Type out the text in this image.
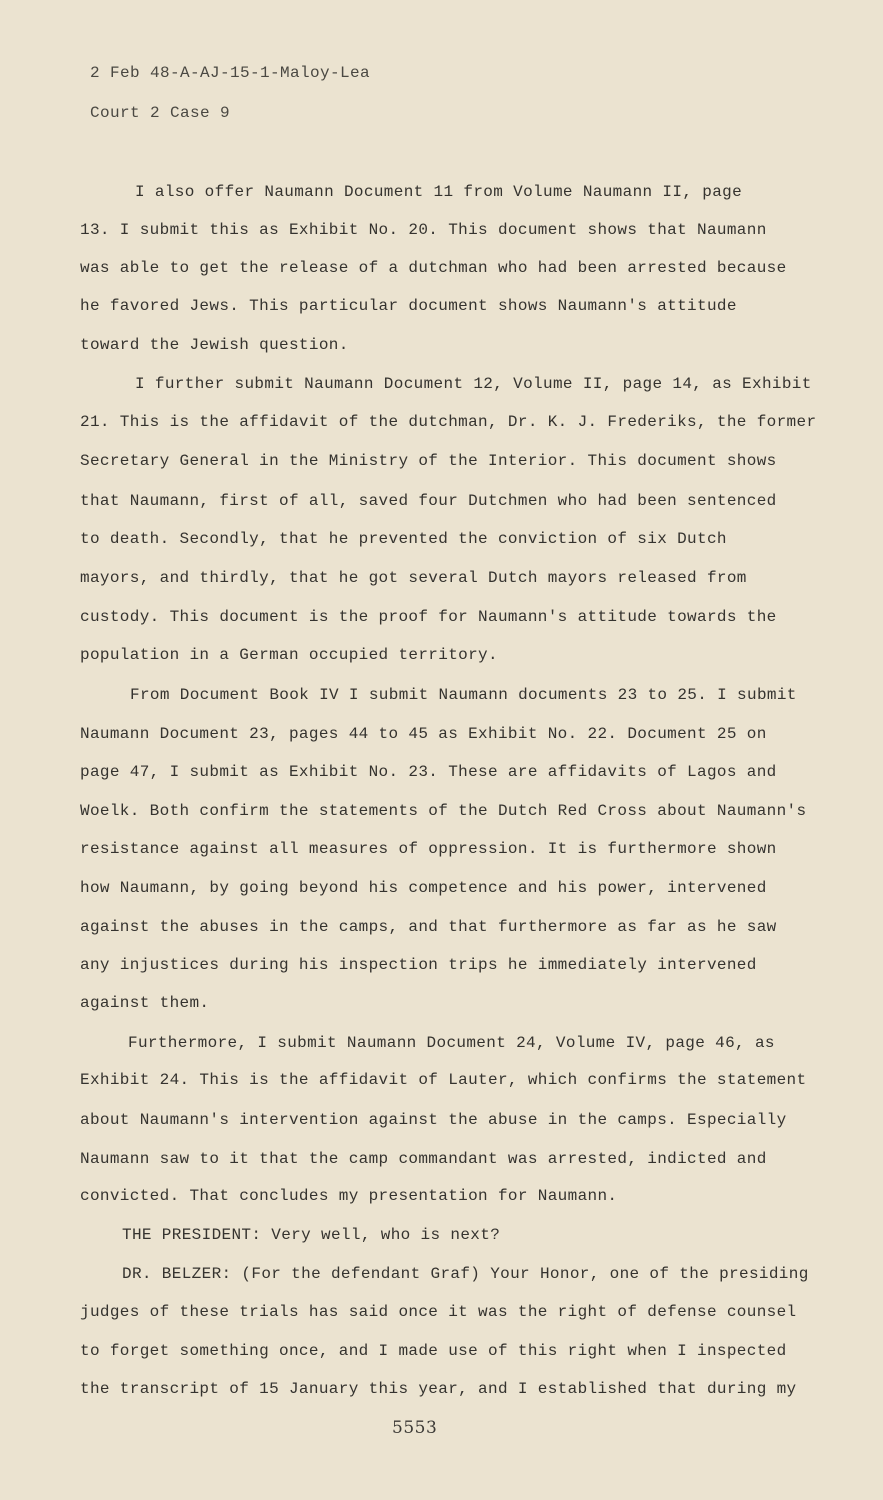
2 Feb 48-A-AJ-15-1-Maloy-Lea
Court 2 Case 9
I also offer Naumann Document 11 from Volume Naumann II, page
13. I submit this as Exhibit No. 20. This document shows that Naumann
was able to get the release of a dutchman who had been arrested because
he favored Jews. This particular document shows Naumann's attitude
toward the Jewish question.
I further submit Naumann Document 12, Volume II, page 14, as Exhibit
21. This is the affidavit of the dutchman, Dr. K. J. Frederiks, the former
Secretary General in the Ministry of the Interior. This document shows
that Naumann, first of all, saved four Dutchmen who had been sentenced
to death. Secondly, that he prevented the conviction of six Dutch
mayors, and thirdly, that he got several Dutch mayors released from
custody. This document is the proof for Naumann's attitude towards the
population in a German occupied territory.
From Document Book IV I submit Naumann documents 23 to 25. I submit
Naumann Document 23, pages 44 to 45 as Exhibit No. 22. Document 25 on
page 47, I submit as Exhibit No. 23. These are affidavits of Lagos and
Woelk. Both confirm the statements of the Dutch Red Cross about Naumann's
resistance against all measures of oppression. It is furthermore shown
how Naumann, by going beyond his competence and his power, intervened
against the abuses in the camps, and that furthermore as far as he saw
any injustices during his inspection trips he immediately intervened
against them.
Furthermore, I submit Naumann Document 24, Volume IV, page 46, as
Exhibit 24. This is the affidavit of Lauter, which confirms the statement
about Naumann's intervention against the abuse in the camps. Especially
Naumann saw to it that the camp commandant was arrested, indicted and
convicted. That concludes my presentation for Naumann.
THE PRESIDENT: Very well, who is next?
DR. BELZER: (For the defendant Graf) Your Honor, one of the presiding
judges of these trials has said once it was the right of defense counsel
to forget something once, and I made use of this right when I inspected
the transcript of 15 January this year, and I established that during my
5553
